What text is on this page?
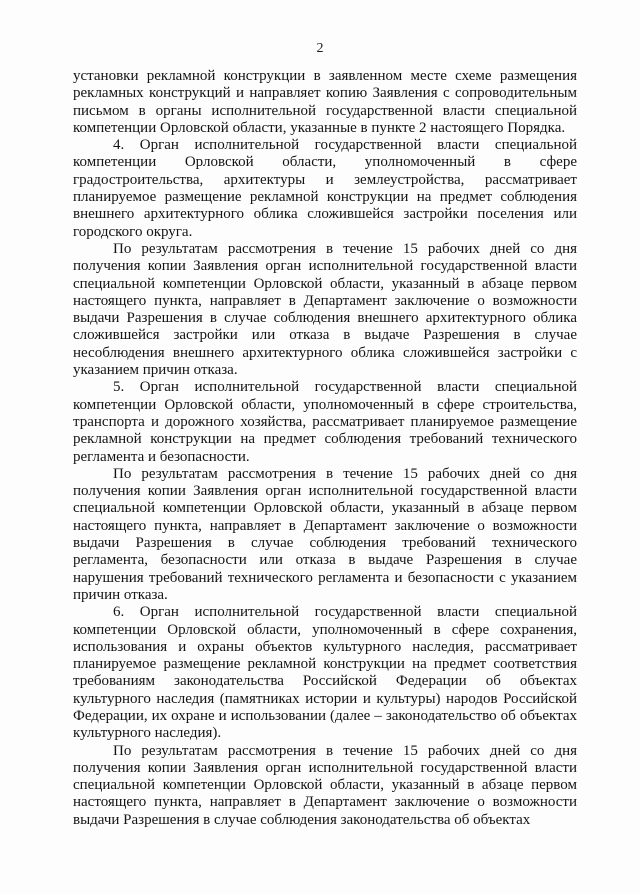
2

установки рекламной конструкции в заявленном месте схеме размещения рекламных конструкций и направляет копию Заявления с сопроводительным письмом в органы исполнительной государственной власти специальной компетенции Орловской области, указанные в пункте 2 настоящего Порядка.

4. Орган исполнительной государственной власти специальной компетенции Орловской области, уполномоченный в сфере градостроительства, архитектуры и землеустройства, рассматривает планируемое размещение рекламной конструкции на предмет соблюдения внешнего архитектурного облика сложившейся застройки поселения или городского округа.

По результатам рассмотрения в течение 15 рабочих дней со дня получения копии Заявления орган исполнительной государственной власти специальной компетенции Орловской области, указанный в абзаце первом настоящего пункта, направляет в Департамент заключение о возможности выдачи Разрешения в случае соблюдения внешнего архитектурного облика сложившейся застройки или отказа в выдаче Разрешения в случае несоблюдения внешнего архитектурного облика сложившейся застройки с указанием причин отказа.

5. Орган исполнительной государственной власти специальной компетенции Орловской области, уполномоченный в сфере строительства, транспорта и дорожного хозяйства, рассматривает планируемое размещение рекламной конструкции на предмет соблюдения требований технического регламента и безопасности.

По результатам рассмотрения в течение 15 рабочих дней со дня получения копии Заявления орган исполнительной государственной власти специальной компетенции Орловской области, указанный в абзаце первом настоящего пункта, направляет в Департамент заключение о возможности выдачи Разрешения в случае соблюдения требований технического регламента, безопасности или отказа в выдаче Разрешения в случае нарушения требований технического регламента и безопасности с указанием причин отказа.

6. Орган исполнительной государственной власти специальной компетенции Орловской области, уполномоченный в сфере сохранения, использования и охраны объектов культурного наследия, рассматривает планируемое размещение рекламной конструкции на предмет соответствия требованиям законодательства Российской Федерации об объектах культурного наследия (памятниках истории и культуры) народов Российской Федерации, их охране и использовании (далее – законодательство об объектах культурного наследия).

По результатам рассмотрения в течение 15 рабочих дней со дня получения копии Заявления орган исполнительной государственной власти специальной компетенции Орловской области, указанный в абзаце первом настоящего пункта, направляет в Департамент заключение о возможности выдачи Разрешения в случае соблюдения законодательства об объектах
